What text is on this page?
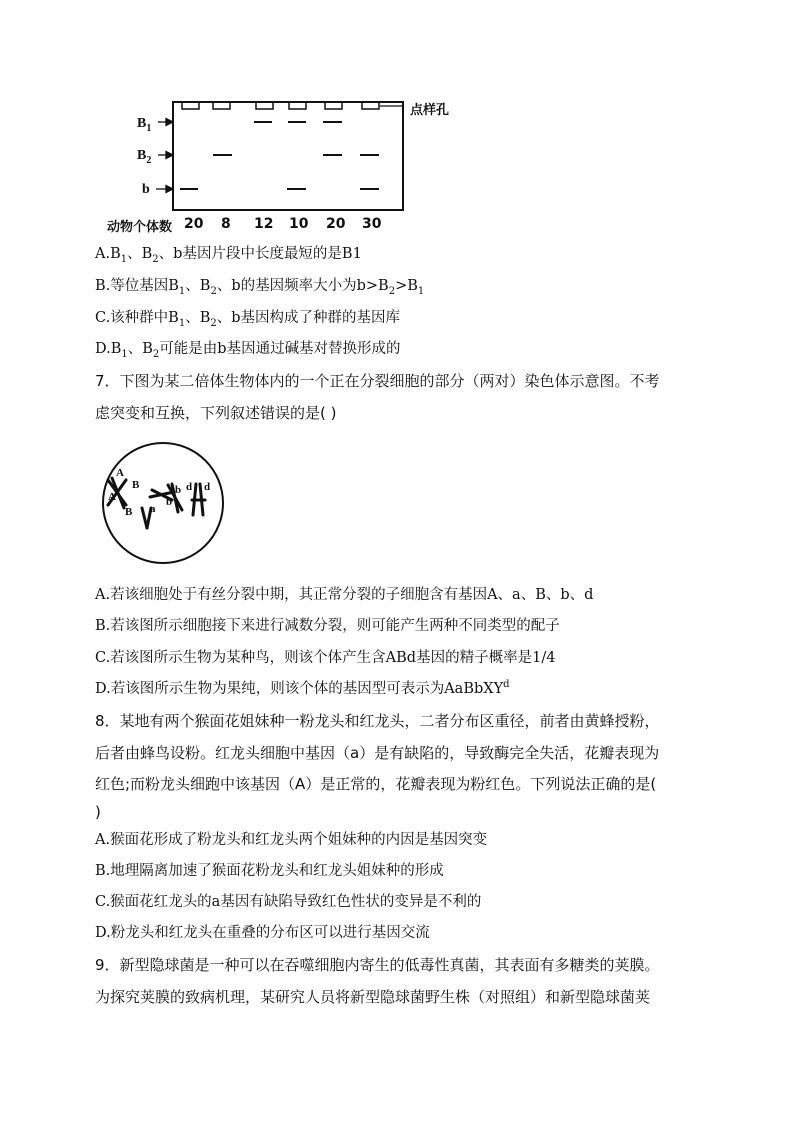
$B_1$
$B_2$
b
点样孔
动物个体数 20 8 12 10 20 30
$A.B_1$、$B_2$、b基因片段中长度最短的是B1
B.等位基因$B_1$、$B_2$、b的基因频率大小为$b>B_2>B_1$
C.该种群中$B_1$、$B_2$、b基因构成了种群的基因库
$D.B_1$、$B_2$可能是由b基因通过碱基对替换形成的
7．下图为某二倍体生物体内的一个正在分裂细胞的部分（两对）染色体示意图。不考
虑突变和互换，下列叙述错误的是( )
A
A
B
a
B
b
b d d
A.若该细胞处于有丝分裂中期，其正常分裂的子细胞含有基因A、a、B、b、d
B.若该图所示细胞接下来进行减数分裂，则可能产生两种不同类型的配子
C.若该图所示生物为某种鸟，则该个体产生含ABd基因的精子概率是1/4
D.若该图所示生物为果纯，则该个体的基因型可表示为AaBbXY$^d$
8．某地有两个猴面花姐妹种一粉龙头和红龙头，二者分布区重径，前者由黄蜂授粉，
后者由蜂鸟设粉。红龙头细胞中基因（a）是有缺陷的，导致酶完全失活，花瓣表现为
红色;而粉龙头细跑中该基因（A）是正常的，花瓣表现为粉红色。下列说法正确的是(
)
A.猴面花形成了粉龙头和红龙头两个姐妹种的内因是基因突变
B.地理隔离加速了猴面花粉龙头和红龙头姐妹种的形成
C.猴面花红龙头的a基因有缺陷导致红色性状的变异是不利的
D.粉龙头和红龙头在重叠的分布区可以进行基因交流
9．新型隐球菌是一种可以在吞噬细胞内寄生的低毒性真菌，其表面有多糖类的荚膜。
为探究荚膜的致病机理，某研究人员将新型隐球菌野生株（对照组）和新型隐球菌荚
